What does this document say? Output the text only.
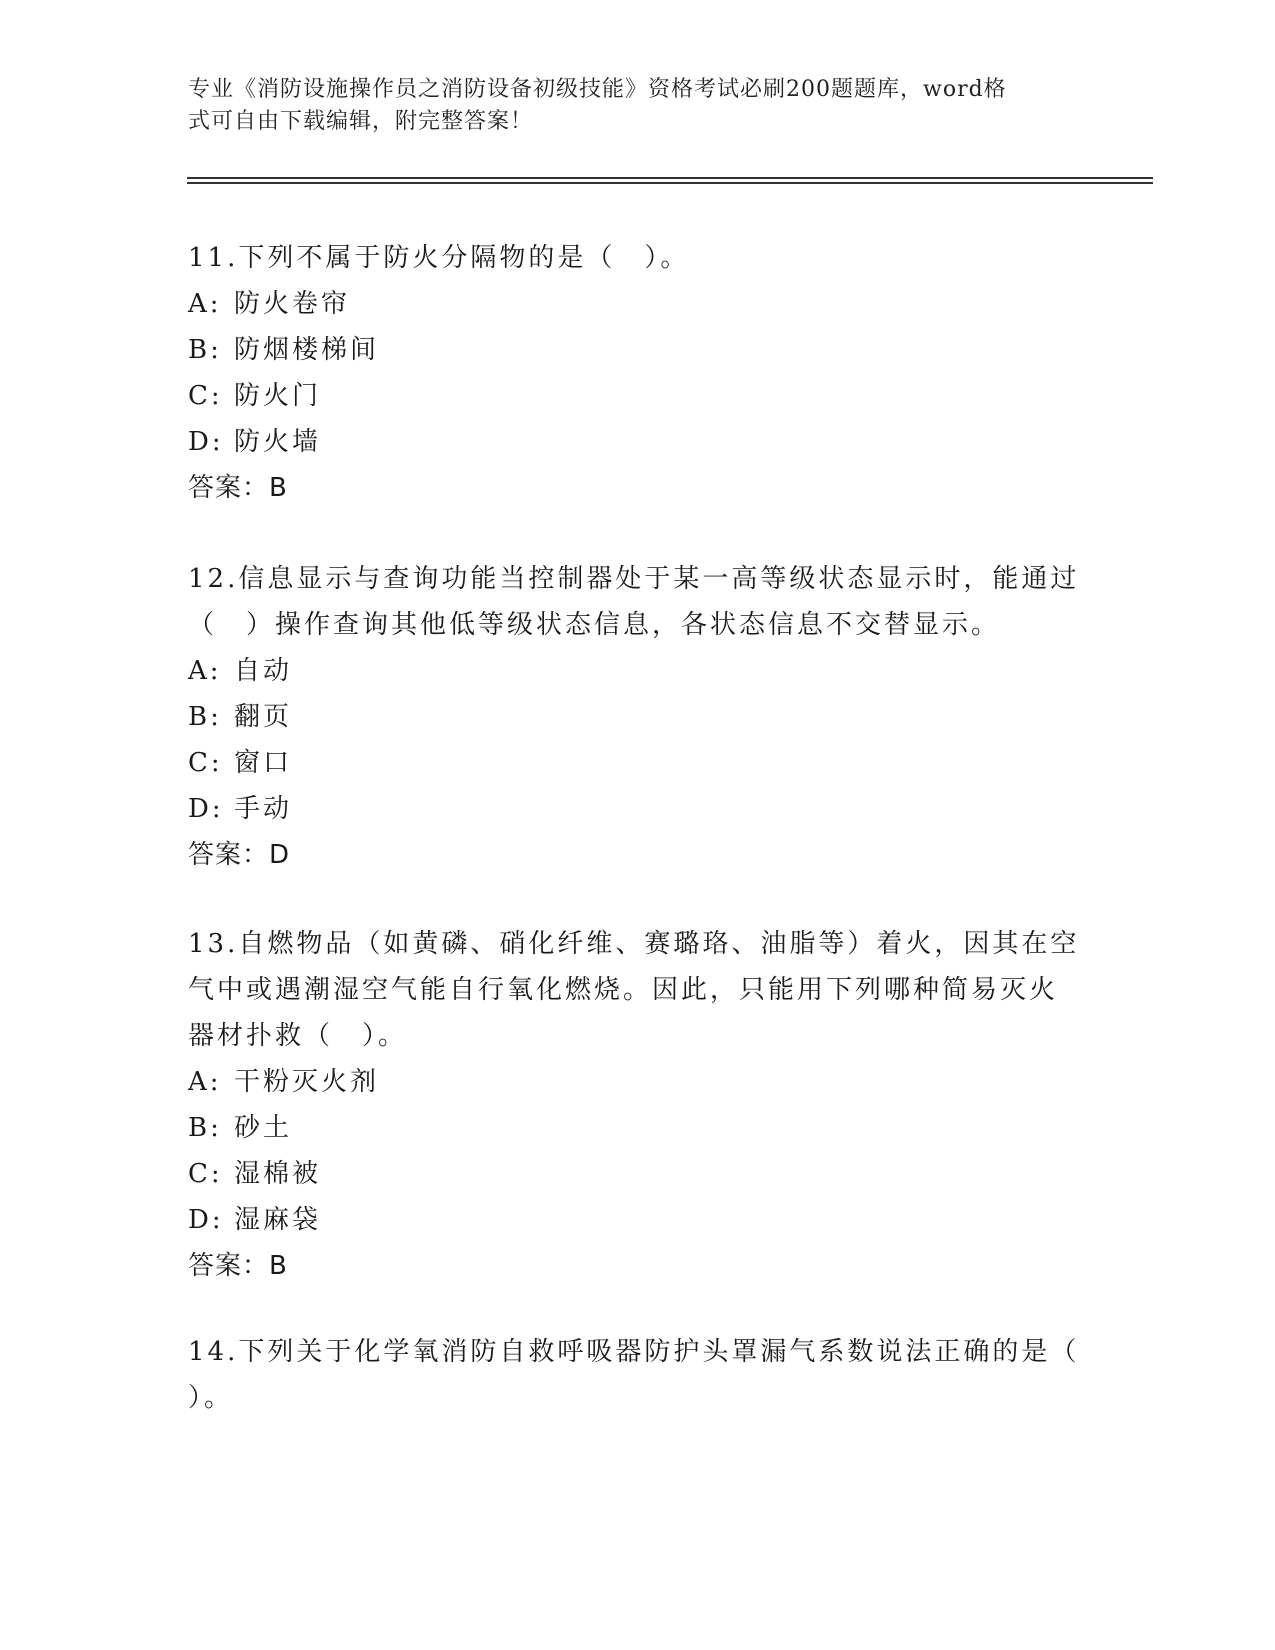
专业《消防设施操作员之消防设备初级技能》资格考试必刷200题题库，word格
式可自由下载编辑，附完整答案！
11.下列不属于防火分隔物的是（　）。
A: 防火卷帘
B: 防烟楼梯间
C: 防火门
D: 防火墙
答案：B
12.信息显示与查询功能当控制器处于某一高等级状态显示时，能通过
（　）操作查询其他低等级状态信息，各状态信息不交替显示。
A: 自动
B: 翻页
C: 窗口
D: 手动
答案：D
13.自燃物品（如黄磷、硝化纤维、赛璐珞、油脂等）着火，因其在空
气中或遇潮湿空气能自行氧化燃烧。因此，只能用下列哪种简易灭火
器材扑救（　）。
A: 干粉灭火剂
B: 砂土
C: 湿棉被
D: 湿麻袋
答案：B
14.下列关于化学氧消防自救呼吸器防护头罩漏气系数说法正确的是（
）。
